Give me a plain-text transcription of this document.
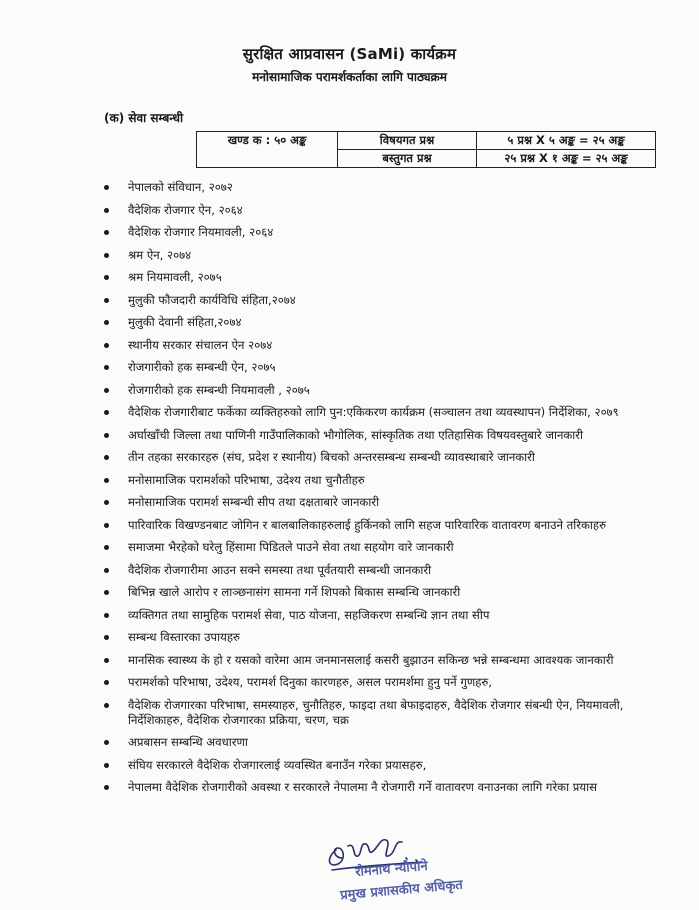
सुरक्षित आप्रवासन (SaMi) कार्यक्रम
मनोसामाजिक परामर्शकर्ताका लागि पाठ्यक्रम
(क) सेवा सम्बन्धी
खण्ड क : ५० अङ्क	विषयगत प्रश्न	५ प्रश्न X ५ अङ्क = २५ अङ्क
	बस्तुगत प्रश्न	२५ प्रश्न X १ अङ्क = २५ अङ्क
नेपालको संविधान, २०७२
वैदेशिक रोजगार ऐन, २०६४
वैदेशिक रोजगार नियमावली, २०६४
श्रम ऐन, २०७४
श्रम नियमावली, २०७५
मुलुकी फौजदारी कार्यविधि संहिता,२०७४
मुलुकी देवानी संहिता,२०७४
स्थानीय सरकार संचालन ऐन २०७४
रोजगारीको हक सम्बन्धी ऐन, २०७५
रोजगारीको हक सम्बन्धी नियमावली , २०७५
वैदेशिक रोजगारीबाट फर्केका व्यक्तिहरुको लागि पुन:एकिकरण कार्यक्रम (सञ्चालन तथा व्यवस्थापन) निर्देशिका, २०७९
अर्घाखाँची जिल्ला तथा पाणिनी गाउँपालिकाको भौगोलिक, सांस्कृतिक तथा एतिहासिक विषयवस्तुबारे जानकारी
तीन तहका सरकारहरु (संघ, प्रदेश र स्थानीय) बिचको अन्तरसम्बन्ध सम्बन्धी व्यावस्थाबारे जानकारी
मनोसामाजिक परामर्शको परिभाषा, उदेश्य तथा चुनौतीहरु
मनोसामाजिक परामर्श सम्बन्धी सीप तथा दक्षताबारे जानकारी
पारिवारिक विखण्डनबाट जोगिन र बालबालिकाहरुलाई हुर्किनको लागि सहज पारिवारिक वातावरण बनाउने तरिकाहरु
समाजमा भैरहेको घरेलु हिंसामा पिडितले पाउने सेवा तथा सहयोग वारे जानकारी
वैदेशिक रोजगारीमा आउन सक्ने समस्या तथा पूर्वतयारी सम्बन्धी जानकारी
बिभिन्न खाले आरोप र लाञ्छनासंग सामना गर्ने शिपको बिकास सम्बन्धि जानकारी
व्यक्तिगत तथा सामुहिक परामर्श सेवा, पाठ योजना, सहजिकरण सम्बन्धि ज्ञान तथा सीप
सम्बन्ध विस्तारका उपायहरु
मानसिक स्वास्थ्य के हो र यसको वारेमा आम जनमानसलाई कसरी बुझाउन सकिन्छ भन्ने सम्बन्धमा आवश्यक जानकारी
परामर्शको परिभाषा, उदेश्य, परामर्श दिनुका कारणहरु, असल परामर्शमा हुनु पर्ने गुणहरु,
वैदेशिक रोजगारका परिभाषा, समस्याहरु, चुनौतिहरु, फाइदा तथा बेफाइदाहरु, वैदेशिक रोजगार संबन्धी ऐन, नियमावली, निर्देशिकाहरु, वैदेशिक रोजगारका प्रक्रिया, चरण, चक्र
अप्रबासन सम्बन्धि अवधारणा
संघिय सरकारले वैदेशिक रोजगारलाई व्यवस्थित बनाउँन गरेका प्रयासहरु,
नेपालमा वैदेशिक रोजगारीको अवस्था र सरकारले नेपालमा नै रोजगारी गर्ने वातावरण वनाउनका लागि गरेका प्रयास
रोमनाथ न्यौपाने
प्रमुख प्रशासकीय अधिकृत
